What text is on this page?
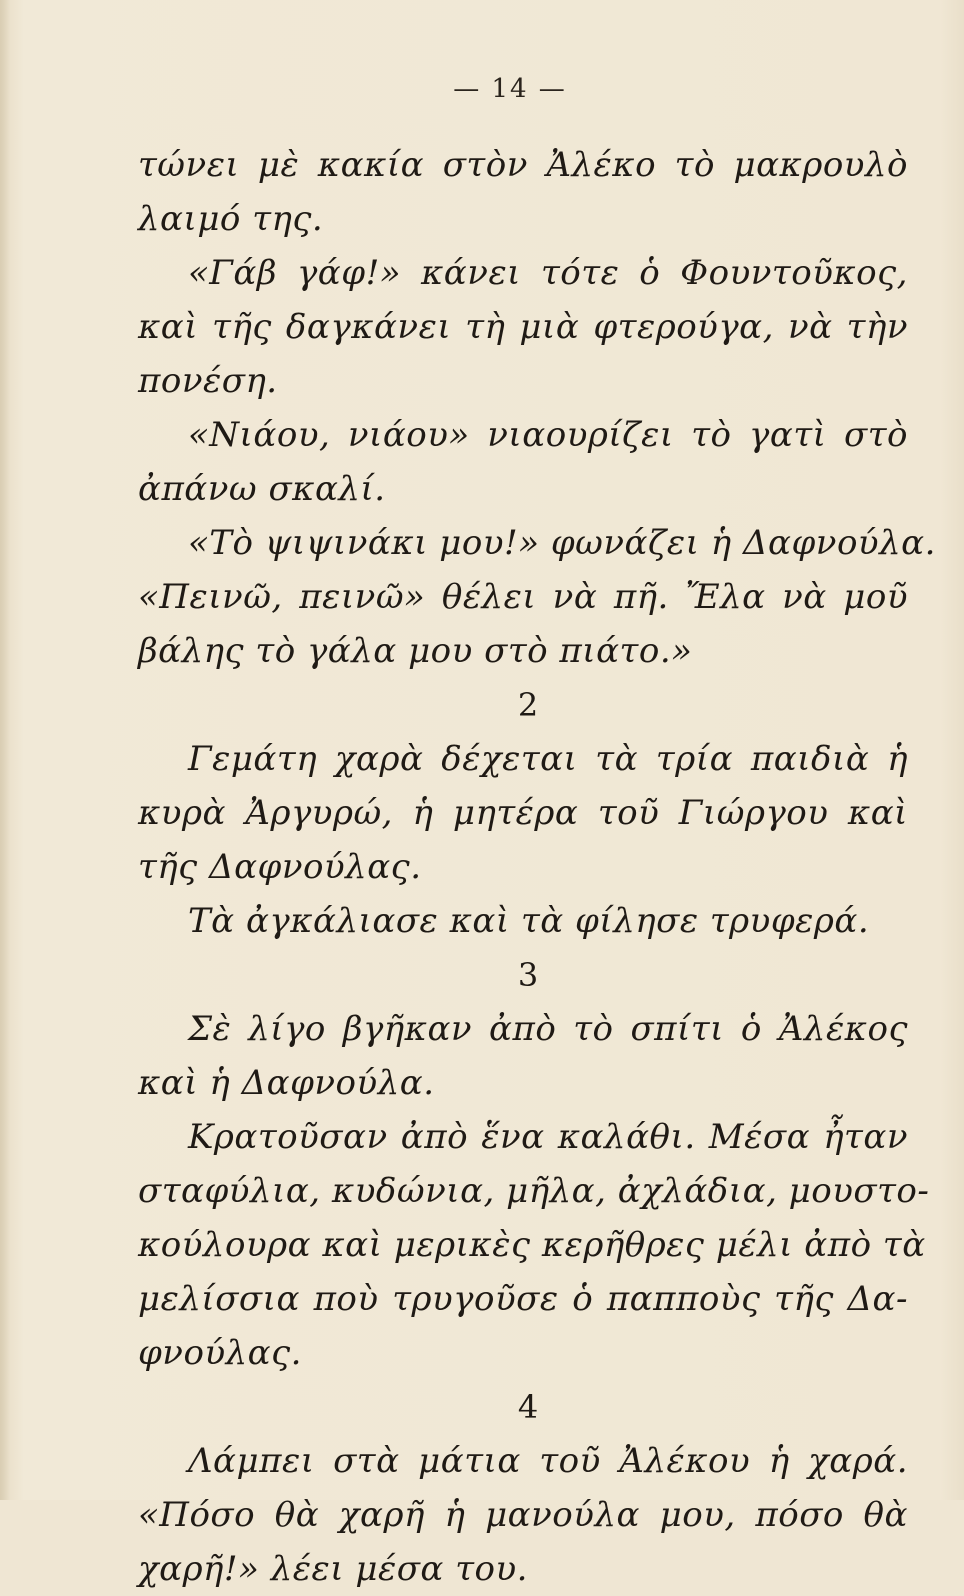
— 14 —
τώνει μὲ κακία στὸν Ἀλέκο τὸ μακρουλὸ
λαιμό της.
«Γάβ γάφ!» κάνει τότε ὁ Φουντοῦκος,
καὶ τῆς δαγκάνει τὴ μιὰ φτερούγα, νὰ τὴν
πονέση.
«Νιάου, νιάου» νιαουρίζει τὸ γατὶ στὸ
ἀπάνω σκαλί.
«Τὸ ψιψινάκι μου!» φωνάζει ἡ Δαφνούλα.
«Πεινῶ, πεινῶ» θέλει νὰ πῆ. Ἔλα νὰ μοῦ
βάλης τὸ γάλα μου στὸ πιάτο.»
2
Γεμάτη χαρὰ δέχεται τὰ τρία παιδιὰ ἡ
κυρὰ Ἀργυρώ, ἡ μητέρα τοῦ Γιώργου καὶ
τῆς Δαφνούλας.
Τὰ ἀγκάλιασε καὶ τὰ φίλησε τρυφερά.
3
Σὲ λίγο βγῆκαν ἀπὸ τὸ σπίτι ὁ Ἀλέκος
καὶ ἡ Δαφνούλα.
Κρατοῦσαν ἀπὸ ἕνα καλάθι. Μέσα ἦταν
σταφύλια, κυδώνια, μῆλα, ἀχλάδια, μουστο-
κούλουρα καὶ μερικὲς κερῆθρες μέλι ἀπὸ τὰ
μελίσσια ποὺ τρυγοῦσε ὁ παπποὺς τῆς Δα-
φνούλας.
4
Λάμπει στὰ μάτια τοῦ Ἀλέκου ἡ χαρά.
«Πόσο θὰ χαρῆ ἡ μανούλα μου, πόσο θὰ
χαρῆ!» λέει μέσα του.
